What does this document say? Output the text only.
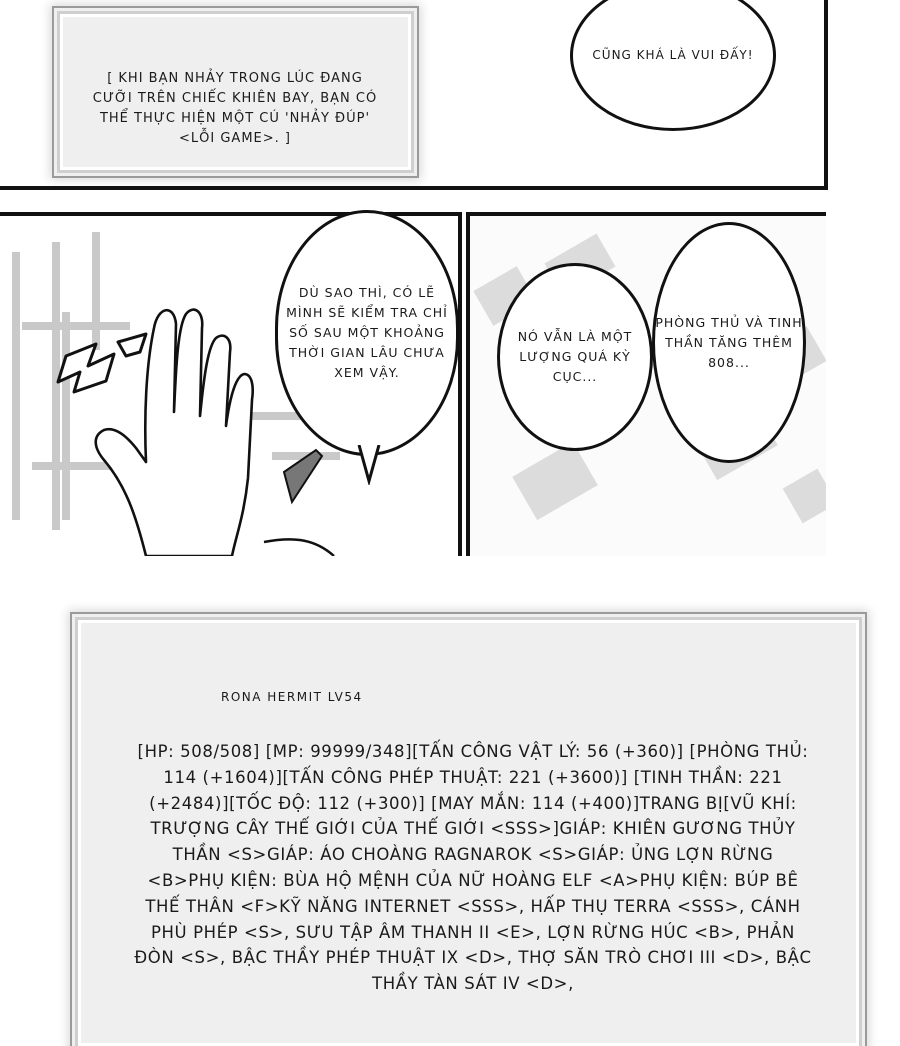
[ KHI BẠN NHẢY TRONG LÚC ĐANG CƯỠI TRÊN CHIẾC KHIÊN BAY, BẠN CÓ THỂ THỰC HIỆN MỘT CÚ 'NHẢY ĐÚP' <LỖI GAME>. ]
CŨNG KHÁ LÀ VUI ĐẤY!
DÙ SAO THÌ, CÓ LẼ MÌNH SẼ KIỂM TRA CHỈ SỐ SAU MỘT KHOẢNG THỜI GIAN LÂU CHƯA XEM VẬY.
NÓ VẪN LÀ MỘT LƯỢNG QUÁ KỲ CỤC...
PHÒNG THỦ VÀ TINH THẦN TĂNG THÊM 808...
RONA HERMIT LV54
[HP: 508/508] [MP: 99999/348][TẤN CÔNG VẬT LÝ: 56 (+360)] [PHÒNG THỦ: 114 (+1604)][TẤN CÔNG PHÉP THUẬT: 221 (+3600)] [TINH THẦN: 221 (+2484)][TỐC ĐỘ: 112 (+300)] [MAY MẮN: 114 (+400)]TRANG BỊ[VŨ KHÍ: TRƯỢNG CÂY THẾ GIỚI CỦA THẾ GIỚI <SSS>]GIÁP: KHIÊN GƯƠNG THỦY THẦN <S>GIÁP: ÁO CHOÀNG RAGNAROK <S>GIÁP: ỦNG LỢN RỪNG <B>PHỤ KIỆN: BÙA HỘ MỆNH CỦA NỮ HOÀNG ELF <A>PHỤ KIỆN: BÚP BÊ THẾ THÂN <F>KỸ NĂNG INTERNET <SSS>, HẤP THỤ TERRA <SSS>, CÁNH PHÙ PHÉP <S>, SƯU TẬP ÂM THANH II <E>, LỢN RỪNG HÚC <B>, PHẢN ĐÒN <S>, BẬC THẦY PHÉP THUẬT IX <D>, THỢ SĂN TRÒ CHƠI III <D>, BẬC THẦY TÀN SÁT IV <D>,
